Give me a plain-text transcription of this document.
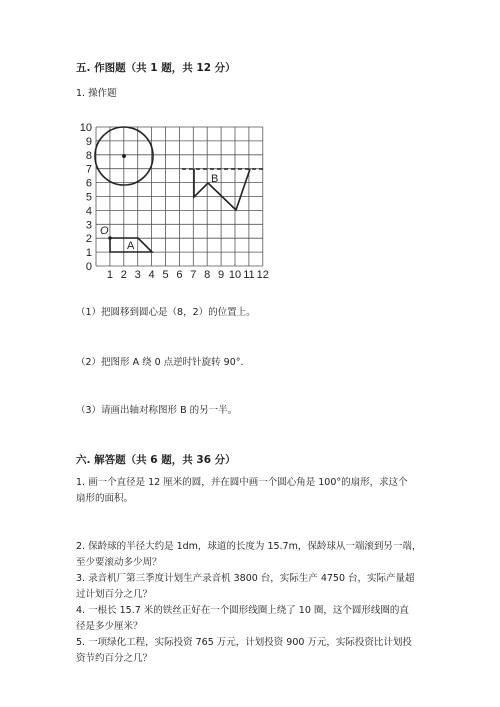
五. 作图题（共 1 题，共 12 分）
1. 操作题
0
1
2
3
4
5
6
7
8
9
10
1 2 3 4 5 6 7 8 9 10 11 12
O
A
B
（1）把圆移到圆心是（8，2）的位置上。
（2）把图形 A 绕 0 点逆时针旋转 90°．
（3）请画出轴对称图形 B 的另一半。
六. 解答题（共 6 题，共 36 分）
1. 画一个直径是 12 厘米的圆，并在圆中画一个圆心角是 100°的扇形，求这个
扇形的面积。
2. 保龄球的半径大约是 1dm，球道的长度为 15.7m，保龄球从一端滚到另一端，
至少要滚动多少周？
3. 录音机厂第三季度计划生产录音机 3800 台，实际生产 4750 台，实际产量超
过计划百分之几？
4. 一根长 15.7 米的铁丝正好在一个圆形线圈上绕了 10 圈，这个圆形线圈的直
径是多少厘米？
5. 一项绿化工程，实际投资 765 万元，计划投资 900 万元，实际投资比计划投
资节约百分之几？
